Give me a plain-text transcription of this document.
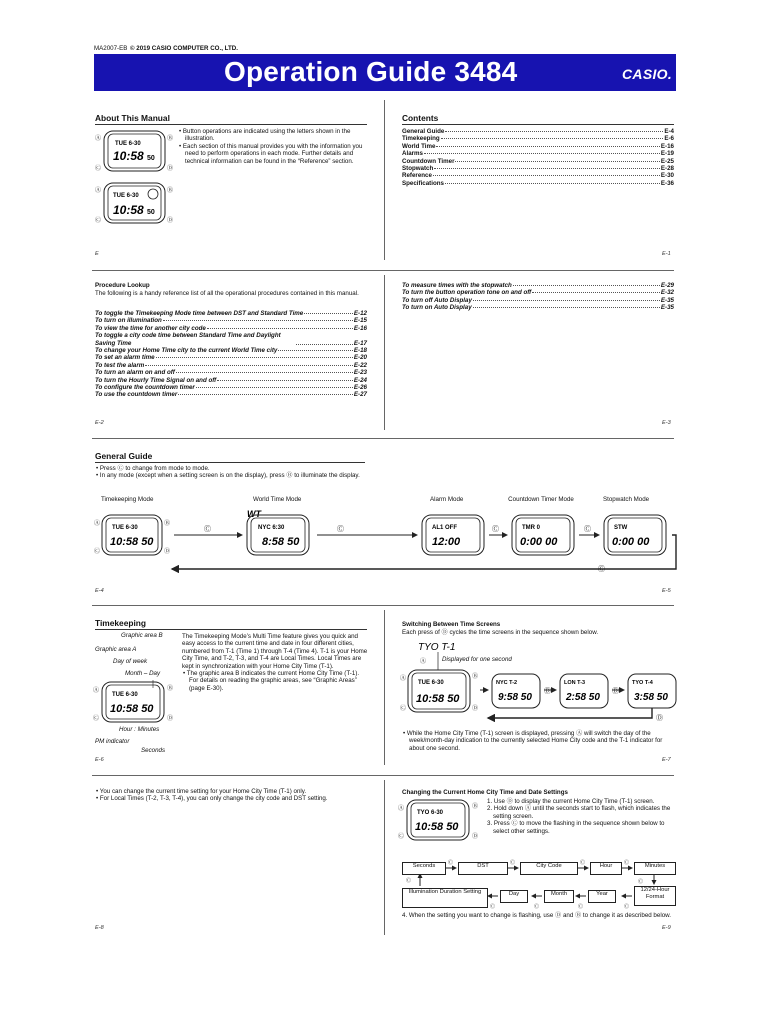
MA2007-EB © 2019 CASIO COMPUTER CO., LTD.
Operation Guide 3484	CASIO.
About This Manual
Ⓐ	Ⓑ
Ⓒ	Ⓓ
TUE 6-30
10:58 50
Ⓐ	Ⓑ
Ⓒ	Ⓓ
TUE 6-30
10:58 50
• Button operations are indicated using the letters shown in the illustration.
• Each section of this manual provides you with the information you need to perform operations in each mode. Further details and technical information can be found in the “Reference” section.
E
Contents
General Guide	E-4
Timekeeping	E-6
World Time	E-16
Alarms	E-19
Countdown Timer	E-25
Stopwatch	E-28
Reference	E-30
Specifications	E-36
E-1
Procedure Lookup
The following is a handy reference list of all the operational procedures contained in this manual.
To toggle the Timekeeping Mode time between DST and Standard Time	E-12
To turn on illumination	E-15
To view the time for another city code	E-16
To toggle a city code time between Standard Time and Daylight Saving Time	E-17
To change your Home Time city to the current World Time city	E-18
To set an alarm time	E-20
To test the alarm	E-22
To turn an alarm on and off	E-23
To turn the Hourly Time Signal on and off	E-24
To configure the countdown timer	E-26
To use the countdown timer	E-27
E-2
To measure times with the stopwatch	E-29
To turn the button operation tone on and off	E-32
To turn off Auto Display	E-35
To turn on Auto Display	E-35
E-3
General Guide
• Press Ⓒ to change from mode to mode.
• In any mode (except when a setting screen is on the display), press Ⓑ to illuminate the display.
Timekeeping Mode	World Time Mode	Alarm Mode	Countdown Timer Mode	Stopwatch Mode
Ⓐ	Ⓑ
Ⓒ	Ⓓ
TUE 6-30
10:58 50
WT
NYC 6:30
8:58 50
AL1 OFF
12:00
TMR 0
0:00 00
STW
0:00 00
Ⓒ	Ⓒ	Ⓒ	Ⓒ
Ⓒ
E-4	E-5
Timekeeping
Graphic area B
Graphic area A
Day of week
Month – Day
Ⓐ	Ⓑ
Ⓒ	Ⓓ
TUE 6-30
10:58 50
Hour : Minutes
PM indicator
Seconds
The Timekeeping Mode’s Multi Time feature gives you quick and easy access to the current time and date in four different cities, numbered from T-1 (Time 1) through T-4 (Time 4). T-1 is your Home City Time, and T-2, T-3, and T-4 are Local Times. Local Times are kept in synchronization with your Home City Time (T-1).
• The graphic area B indicates the current Home City Time (T-1). For details on reading the graphic areas, see “Graphic Areas” (page E-30).
E-6
Switching Between Time Screens
Each press of Ⓓ cycles the time screens in the sequence shown below.
Displayed for one second
TYO T-1
Ⓐ
Ⓐ	Ⓑ
Ⓒ	Ⓓ
TUE 6-30
10:58 50
NYC T-2
9:58 50
Ⓓ
LON T-3
2:58 50
Ⓓ
TYO T-4
3:58 50
Ⓓ
• While the Home City Time (T-1) screen is displayed, pressing Ⓐ will switch the day of the week/month-day indication to the currently selected Home City code and the T-1 indicator for about one second.
E-7
• You can change the current time setting for your Home City Time (T-1) only.
• For Local Times (T-2, T-3, T-4), you can only change the city code and DST setting.
E-8
Changing the Current Home City Time and Date Settings
Ⓐ	Ⓑ
Ⓒ	Ⓓ
TYO 6-30
10:58 50
1. Use Ⓓ to display the current Home City Time (T-1) screen.
2. Hold down Ⓐ until the seconds start to flash, which indicates the setting screen.
3. Press Ⓒ to move the flashing in the sequence shown below to select other settings.
Ⓒ	Ⓒ	Ⓒ	Ⓒ
Ⓒ
Ⓒ
Ⓒ
Ⓒ
Ⓒ
Ⓒ
Seconds	DST	City Code	Hour	Minutes
Illumination Duration Setting	Day	Month	Year
12/24-Hour Format
4. When the setting you want to change is flashing, use Ⓓ and Ⓑ to change it as described below.
E-9
